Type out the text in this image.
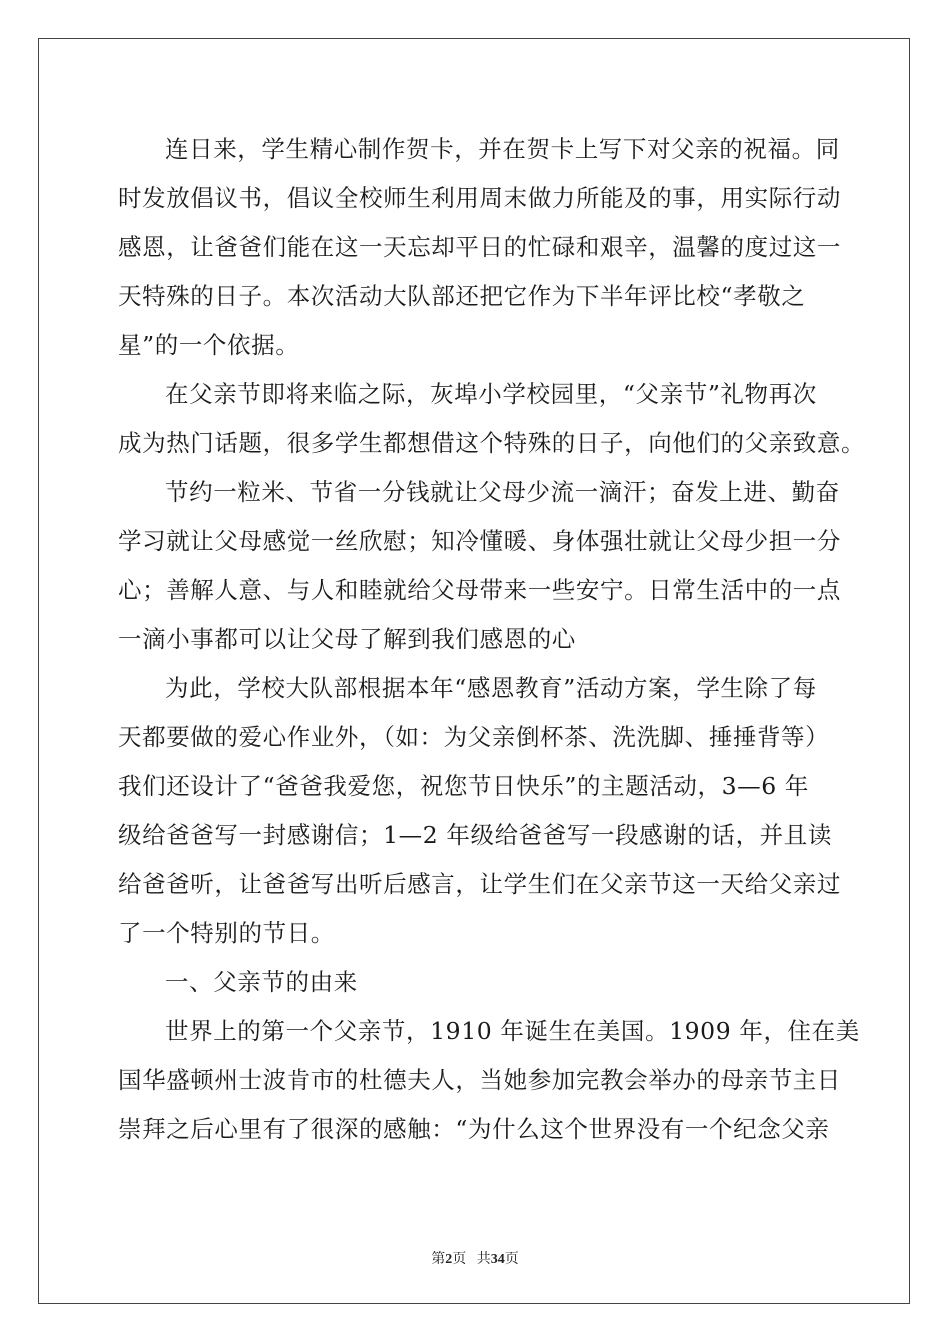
连日来，学生精心制作贺卡，并在贺卡上写下对父亲的祝福。同
时发放倡议书，倡议全校师生利用周末做力所能及的事，用实际行动
感恩，让爸爸们能在这一天忘却平日的忙碌和艰辛，温馨的度过这一
天特殊的日子。本次活动大队部还把它作为下半年评比校“孝敬之
星”的一个依据。
在父亲节即将来临之际，灰埠小学校园里，“父亲节”礼物再次
成为热门话题，很多学生都想借这个特殊的日子，向他们的父亲致意。
节约一粒米、节省一分钱就让父母少流一滴汗；奋发上进、勤奋
学习就让父母感觉一丝欣慰；知冷懂暖、身体强壮就让父母少担一分
心；善解人意、与人和睦就给父母带来一些安宁。日常生活中的一点
一滴小事都可以让父母了解到我们感恩的心
为此，学校大队部根据本年“感恩教育”活动方案，学生除了每
天都要做的爱心作业外，（如：为父亲倒杯茶、洗洗脚、捶捶背等）
我们还设计了“爸爸我爱您，祝您节日快乐”的主题活动，3—6 年
级给爸爸写一封感谢信；1—2 年级给爸爸写一段感谢的话，并且读
给爸爸听，让爸爸写出听后感言，让学生们在父亲节这一天给父亲过
了一个特别的节日。
一、父亲节的由来
世界上的第一个父亲节，1910 年诞生在美国。1909 年，住在美
国华盛顿州士波肯市的杜德夫人，当她参加完教会举办的母亲节主日
崇拜之后心里有了很深的感触：“为什么这个世界没有一个纪念父亲

第2页 共34页
